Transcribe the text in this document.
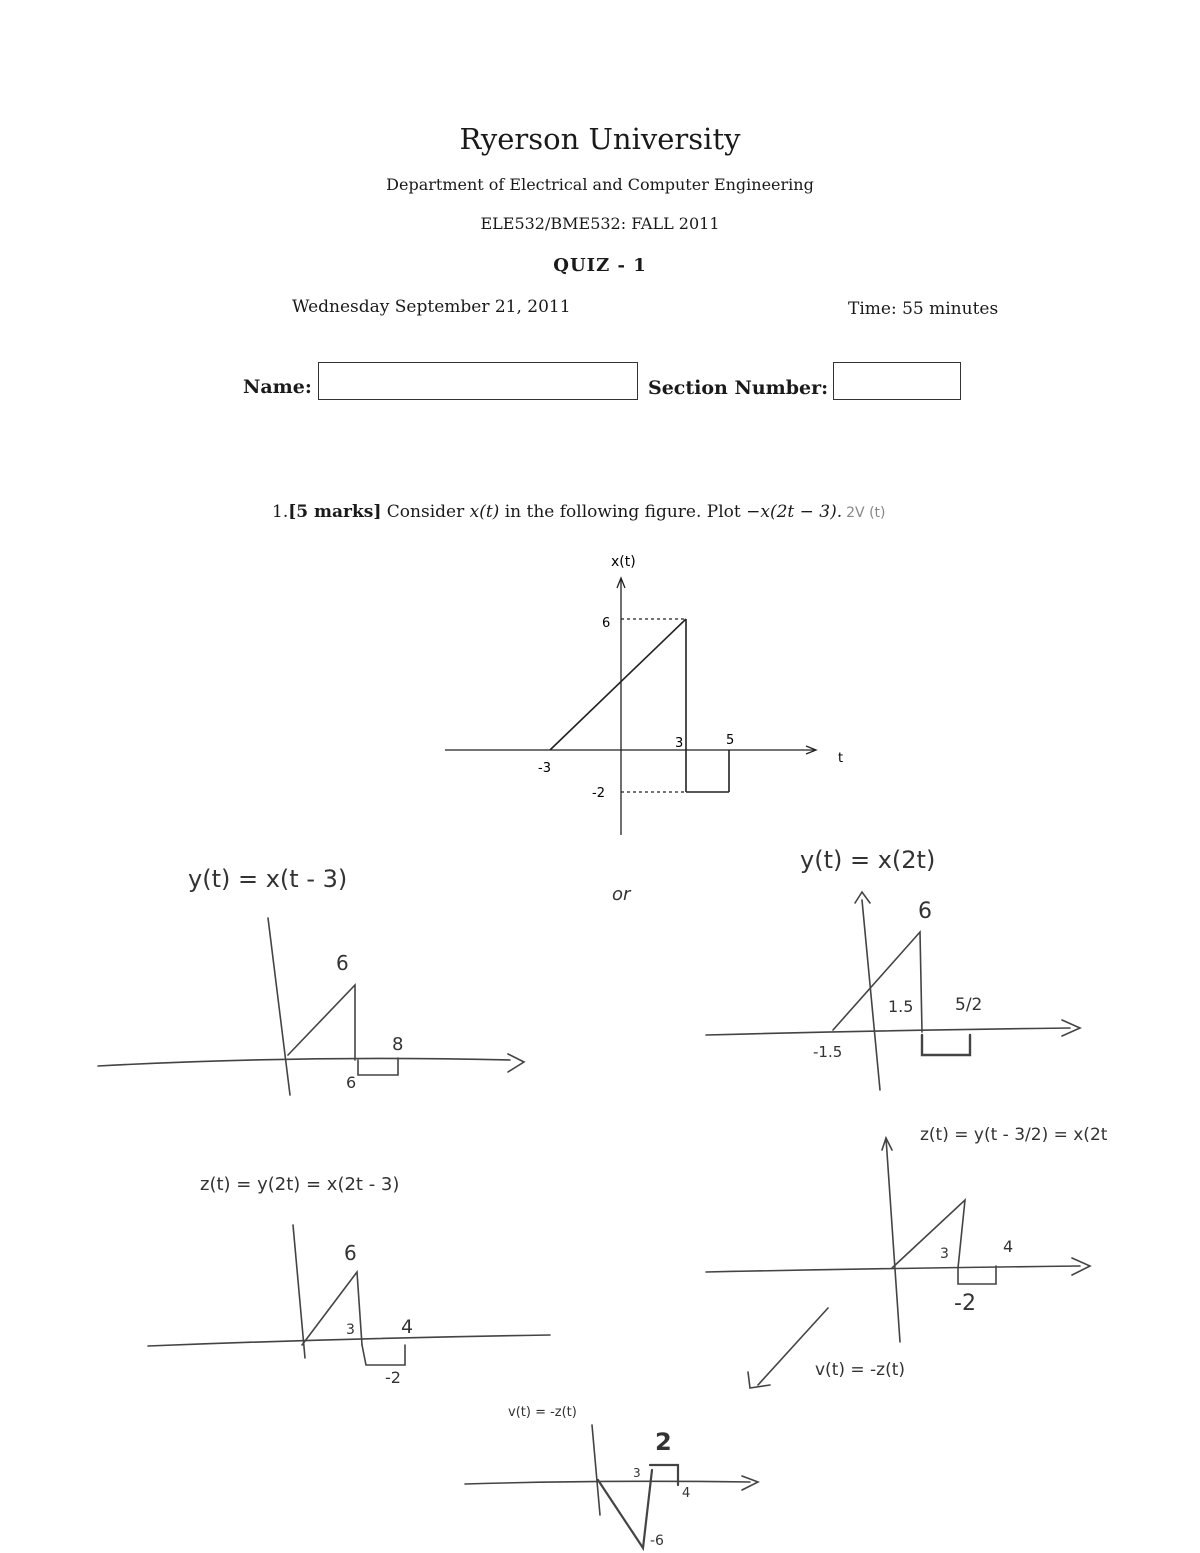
Ryerson University
Department of Electrical and Computer Engineering
ELE532/BME532: FALL 2011
QUIZ - 1
Wednesday September 21, 2011	Time: 55 minutes
Name:	Section Number:
1.[5 marks] Consider x(t) in the following figure. Plot −x(2t − 3). 2V (t)
x(t)
t
6
-2
-3
3	5
y(t) = x(t - 3)
6
6
8
or
y(t) = x(2t)
6
-1.5
1.5 5/2
z(t) = y(2t) = x(2t - 3)
6
3 4
-2
z(t) = y(t - 3/2) = x(2t
3	4
-2
v(t) = -z(t)
v(t) = -z(t)
2
3
4
-6
